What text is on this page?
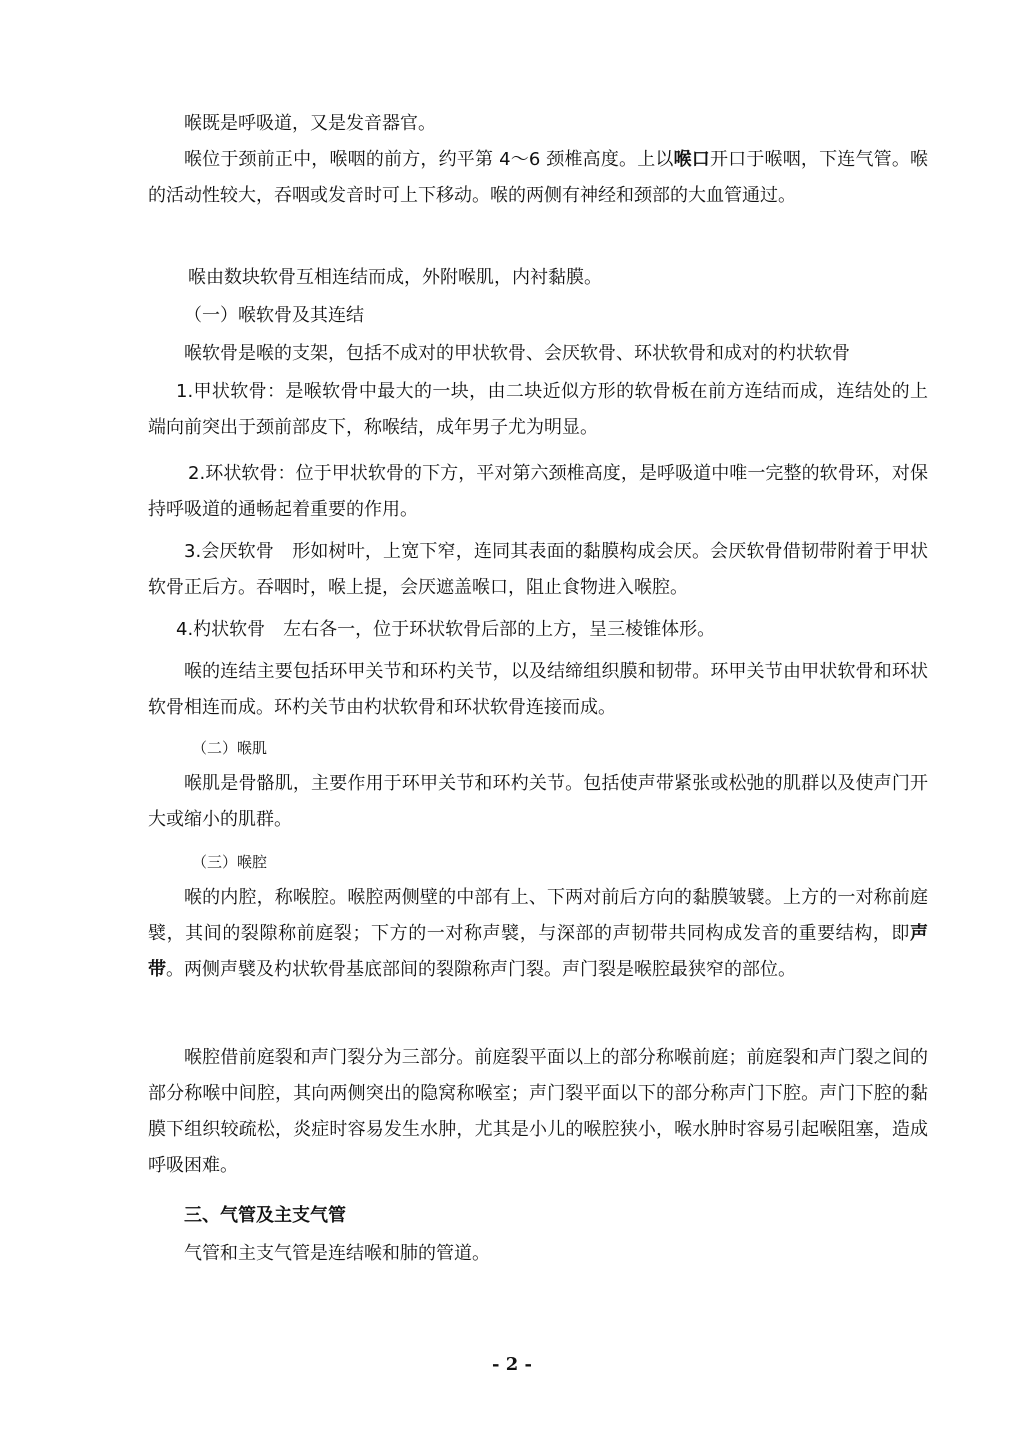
喉既是呼吸道，又是发音器官。

喉位于颈前正中，喉咽的前方，约平第 4～6 颈椎高度。上以喉口开口于喉咽，下连气管。喉的活动性较大，吞咽或发音时可上下移动。喉的两侧有神经和颈部的大血管通过。

喉由数块软骨互相连结而成，外附喉肌，内衬黏膜。

（一）喉软骨及其连结

喉软骨是喉的支架，包括不成对的甲状软骨、会厌软骨、环状软骨和成对的杓状软骨

1.甲状软骨：是喉软骨中最大的一块，由二块近似方形的软骨板在前方连结而成，连结处的上端向前突出于颈前部皮下，称喉结，成年男子尤为明显。

2.环状软骨：位于甲状软骨的下方，平对第六颈椎高度，是呼吸道中唯一完整的软骨环，对保持呼吸道的通畅起着重要的作用。

3.会厌软骨　形如树叶，上宽下窄，连同其表面的黏膜构成会厌。会厌软骨借韧带附着于甲状软骨正后方。吞咽时，喉上提，会厌遮盖喉口，阻止食物进入喉腔。

4.杓状软骨　左右各一，位于环状软骨后部的上方，呈三棱锥体形。

喉的连结主要包括环甲关节和环杓关节，以及结缔组织膜和韧带。环甲关节由甲状软骨和环状软骨相连而成。环杓关节由杓状软骨和环状软骨连接而成。

（二）喉肌

喉肌是骨骼肌，主要作用于环甲关节和环杓关节。包括使声带紧张或松弛的肌群以及使声门开大或缩小的肌群。

（三）喉腔

喉的内腔，称喉腔。喉腔两侧壁的中部有上、下两对前后方向的黏膜皱襞。上方的一对称前庭襞，其间的裂隙称前庭裂；下方的一对称声襞，与深部的声韧带共同构成发音的重要结构，即声带。两侧声襞及杓状软骨基底部间的裂隙称声门裂。声门裂是喉腔最狭窄的部位。

喉腔借前庭裂和声门裂分为三部分。前庭裂平面以上的部分称喉前庭；前庭裂和声门裂之间的部分称喉中间腔，其向两侧突出的隐窝称喉室；声门裂平面以下的部分称声门下腔。声门下腔的黏膜下组织较疏松，炎症时容易发生水肿，尤其是小儿的喉腔狭小，喉水肿时容易引起喉阻塞，造成呼吸困难。

三、气管及主支气管

气管和主支气管是连结喉和肺的管道。

- 2 -
